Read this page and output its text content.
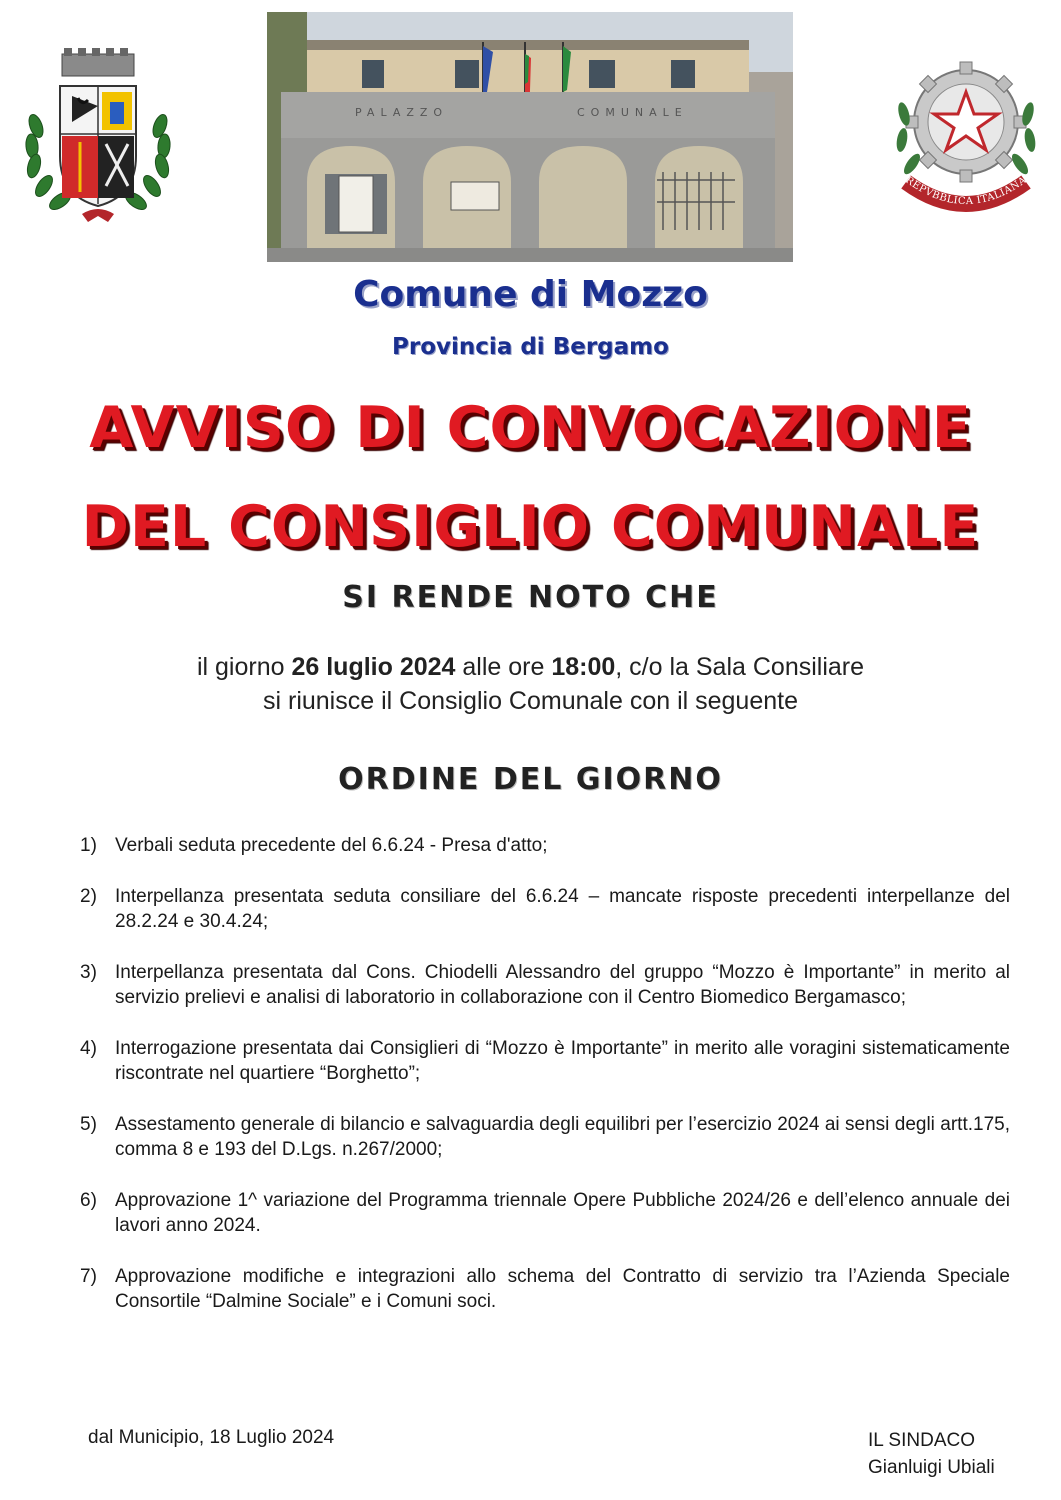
PALAZZO	COMUNALE
REPVBBLICA ITALIANA
Comune di Mozzo
Provincia di Bergamo
AVVISO DI CONVOCAZIONE
DEL CONSIGLIO COMUNALE
SI RENDE NOTO CHE
il giorno 26 luglio 2024 alle ore 18:00, c/o la Sala Consiliare
si riunisce il Consiglio Comunale con il seguente
ORDINE DEL GIORNO
1) Verbali seduta precedente del 6.6.24 - Presa d'atto;
2) Interpellanza presentata seduta consiliare del 6.6.24 – mancate risposte precedenti interpellanze del 28.2.24 e 30.4.24;
3) Interpellanza presentata dal Cons. Chiodelli Alessandro del gruppo “Mozzo è Importante” in merito al servizio prelievi e analisi di laboratorio in collaborazione con il Centro Biomedico Bergamasco;
4) Interrogazione presentata dai Consiglieri di “Mozzo è Importante” in merito alle voragini sistematicamente riscontrate nel quartiere “Borghetto”;
5) Assestamento generale di bilancio e salvaguardia degli equilibri per l’esercizio 2024 ai sensi degli artt.175, comma 8 e 193 del D.Lgs. n.267/2000;
6) Approvazione 1^ variazione del Programma triennale Opere Pubbliche 2024/26 e dell’elenco annuale dei lavori anno 2024.
7) Approvazione modifiche e integrazioni allo schema del Contratto di servizio tra l’Azienda Speciale Consortile “Dalmine Sociale” e i Comuni soci.
dal Municipio, 18 Luglio 2024	IL SINDACO
Gianluigi Ubiali
